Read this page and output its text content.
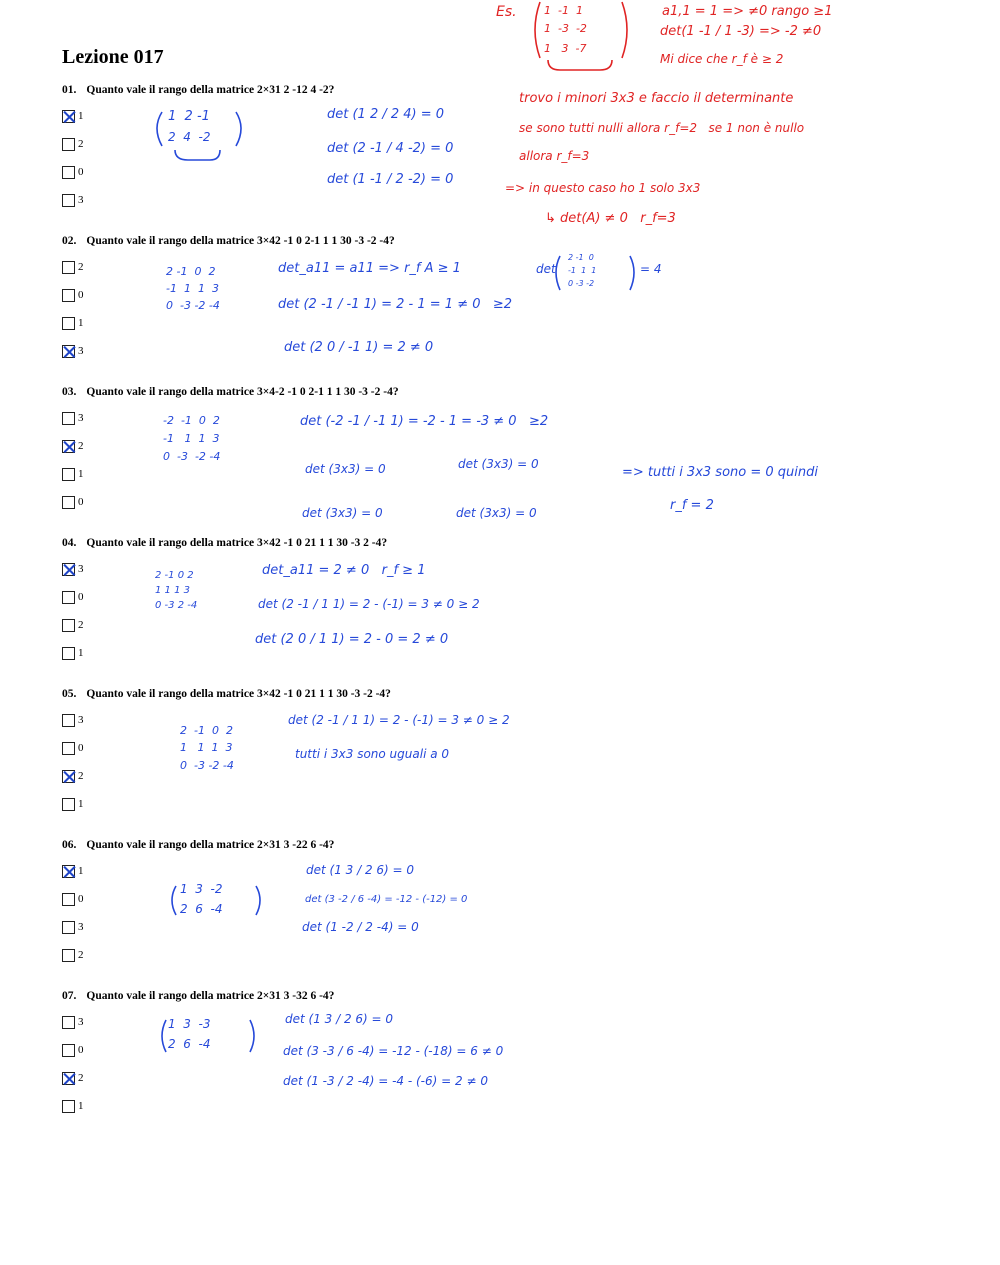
Lezione 017
01. Quanto vale il rango della matrice 2×31 2 -12 4 -2?
1
2
0
3
02. Quanto vale il rango della matrice 3×42 -1 0 2-1 1 1 30 -3 -2 -4?
2
0
1
3
03. Quanto vale il rango della matrice 3×4-2 -1 0 2-1 1 1 30 -3 -2 -4?
3
2
1
0
04. Quanto vale il rango della matrice 3×42 -1 0 21 1 1 30 -3 2 -4?
3
0
2
1
05. Quanto vale il rango della matrice 3×42 -1 0 21 1 1 30 -3 -2 -4?
3
0
2
1
06. Quanto vale il rango della matrice 2×31 3 -22 6 -4?
1
0
3
2
07. Quanto vale il rango della matrice 2×31 3 -32 6 -4?
3
0
2
1
Es.	a1,1 = 1 => ≠0 rango ≥1
det(1 -1 / 1 -3) => -2 ≠0
Mi dice che r_f è ≥ 2
trovo i minori 3x3 e faccio il determinante
se sono tutti nulli allora r_f=2   se 1 non è nullo
allora r_f=3
=> in questo caso ho 1 solo 3x3
↳ det(A) ≠ 0   r_f=3
1  -1  1
1  -3  -2
1   3  -7
1  2 -1
2  4  -2
det (1 2 / 2 4) = 0
det (2 -1 / 4 -2) = 0
det (1 -1 / 2 -2) = 0
2 -1  0  2
-1  1  1  3
0  -3 -2 -4
det_a11 = a11 => r_f A ≥ 1
det (2 -1 / -1 1) = 2 - 1 = 1 ≠ 0   ≥2
det (2 0 / -1 1) = 2 ≠ 0
det
2 -1  0
-1  1  1
0 -3 -2
= 4
-2  -1  0  2
-1   1  1  3
0  -3  -2 -4
det (-2 -1 / -1 1) = -2 - 1 = -3 ≠ 0   ≥2
det (3x3) = 0	det (3x3) = 0
det (3x3) = 0	det (3x3) = 0
=> tutti i 3x3 sono = 0 quindi
r_f = 2
2 -1 0 2
1 1 1 3
0 -3 2 -4
det_a11 = 2 ≠ 0   r_f ≥ 1
det (2 -1 / 1 1) = 2 - (-1) = 3 ≠ 0 ≥ 2
det (2 0 / 1 1) = 2 - 0 = 2 ≠ 0
2  -1  0  2
1   1  1  3
0  -3 -2 -4
det (2 -1 / 1 1) = 2 - (-1) = 3 ≠ 0 ≥ 2
tutti i 3x3 sono uguali a 0
1  3  -2
2  6  -4
det (1 3 / 2 6) = 0
det (3 -2 / 6 -4) = -12 - (-12) = 0
det (1 -2 / 2 -4) = 0
1  3  -3
2  6  -4
det (1 3 / 2 6) = 0
det (3 -3 / 6 -4) = -12 - (-18) = 6 ≠ 0
det (1 -3 / 2 -4) = -4 - (-6) = 2 ≠ 0
